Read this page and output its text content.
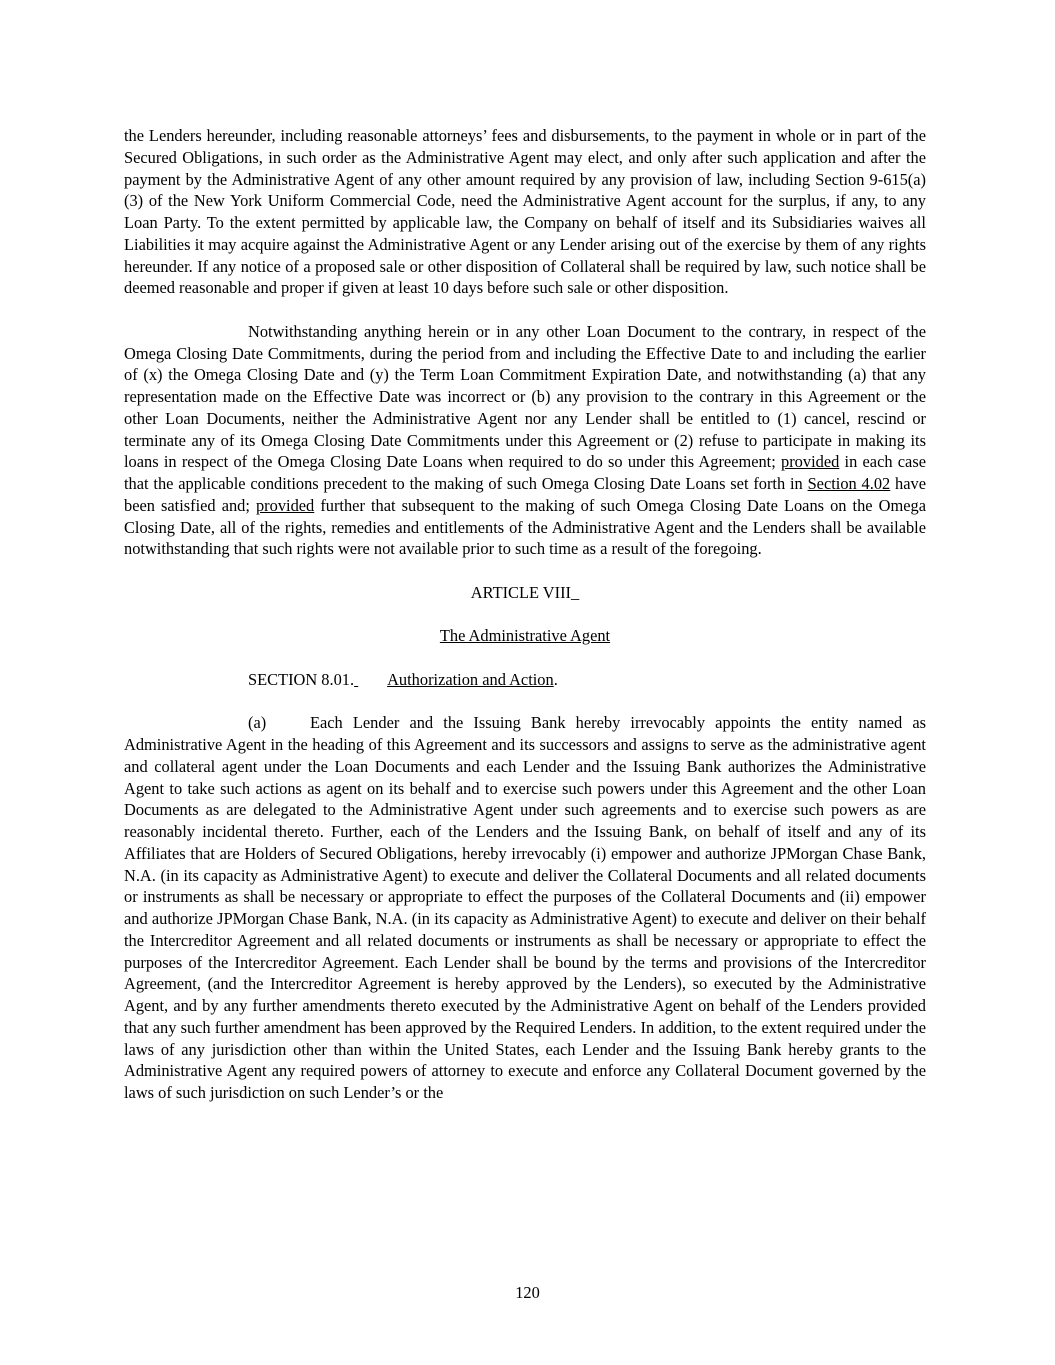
the Lenders hereunder, including reasonable attorneys’ fees and disbursements, to the payment in whole or in part of the Secured Obligations, in such order as the Administrative Agent may elect, and only after such application and after the payment by the Administrative Agent of any other amount required by any provision of law, including Section 9-615(a)(3) of the New York Uniform Commercial Code, need the Administrative Agent account for the surplus, if any, to any Loan Party. To the extent permitted by applicable law, the Company on behalf of itself and its Subsidiaries waives all Liabilities it may acquire against the Administrative Agent or any Lender arising out of the exercise by them of any rights hereunder. If any notice of a proposed sale or other disposition of Collateral shall be required by law, such notice shall be deemed reasonable and proper if given at least 10 days before such sale or other disposition.

Notwithstanding anything herein or in any other Loan Document to the contrary, in respect of the Omega Closing Date Commitments, during the period from and including the Effective Date to and including the earlier of (x) the Omega Closing Date and (y) the Term Loan Commitment Expiration Date, and notwithstanding (a) that any representation made on the Effective Date was incorrect or (b) any provision to the contrary in this Agreement or the other Loan Documents, neither the Administrative Agent nor any Lender shall be entitled to (1) cancel, rescind or terminate any of its Omega Closing Date Commitments under this Agreement or (2) refuse to participate in making its loans in respect of the Omega Closing Date Loans when required to do so under this Agreement; provided in each case that the applicable conditions precedent to the making of such Omega Closing Date Loans set forth in Section 4.02 have been satisfied and; provided further that subsequent to the making of such Omega Closing Date Loans on the Omega Closing Date, all of the rights, remedies and entitlements of the Administrative Agent and the Lenders shall be available notwithstanding that such rights were not available prior to such time as a result of the foregoing.

ARTICLE VIII_

The Administrative Agent

SECTION 8.01. Authorization and Action.

(a)	Each Lender and the Issuing Bank hereby irrevocably appoints the entity named as Administrative Agent in the heading of this Agreement and its successors and assigns to serve as the administrative agent and collateral agent under the Loan Documents and each Lender and the Issuing Bank authorizes the Administrative Agent to take such actions as agent on its behalf and to exercise such powers under this Agreement and the other Loan Documents as are delegated to the Administrative Agent under such agreements and to exercise such powers as are reasonably incidental thereto. Further, each of the Lenders and the Issuing Bank, on behalf of itself and any of its Affiliates that are Holders of Secured Obligations, hereby irrevocably (i) empower and authorize JPMorgan Chase Bank, N.A. (in its capacity as Administrative Agent) to execute and deliver the Collateral Documents and all related documents or instruments as shall be necessary or appropriate to effect the purposes of the Collateral Documents and (ii) empower and authorize JPMorgan Chase Bank, N.A. (in its capacity as Administrative Agent) to execute and deliver on their behalf the Intercreditor Agreement and all related documents or instruments as shall be necessary or appropriate to effect the purposes of the Intercreditor Agreement. Each Lender shall be bound by the terms and provisions of the Intercreditor Agreement, (and the Intercreditor Agreement is hereby approved by the Lenders), so executed by the Administrative Agent, and by any further amendments thereto executed by the Administrative Agent on behalf of the Lenders provided that any such further amendment has been approved by the Required Lenders. In addition, to the extent required under the laws of any jurisdiction other than within the United States, each Lender and the Issuing Bank hereby grants to the Administrative Agent any required powers of attorney to execute and enforce any Collateral Document governed by the laws of such jurisdiction on such Lender’s or the

120
